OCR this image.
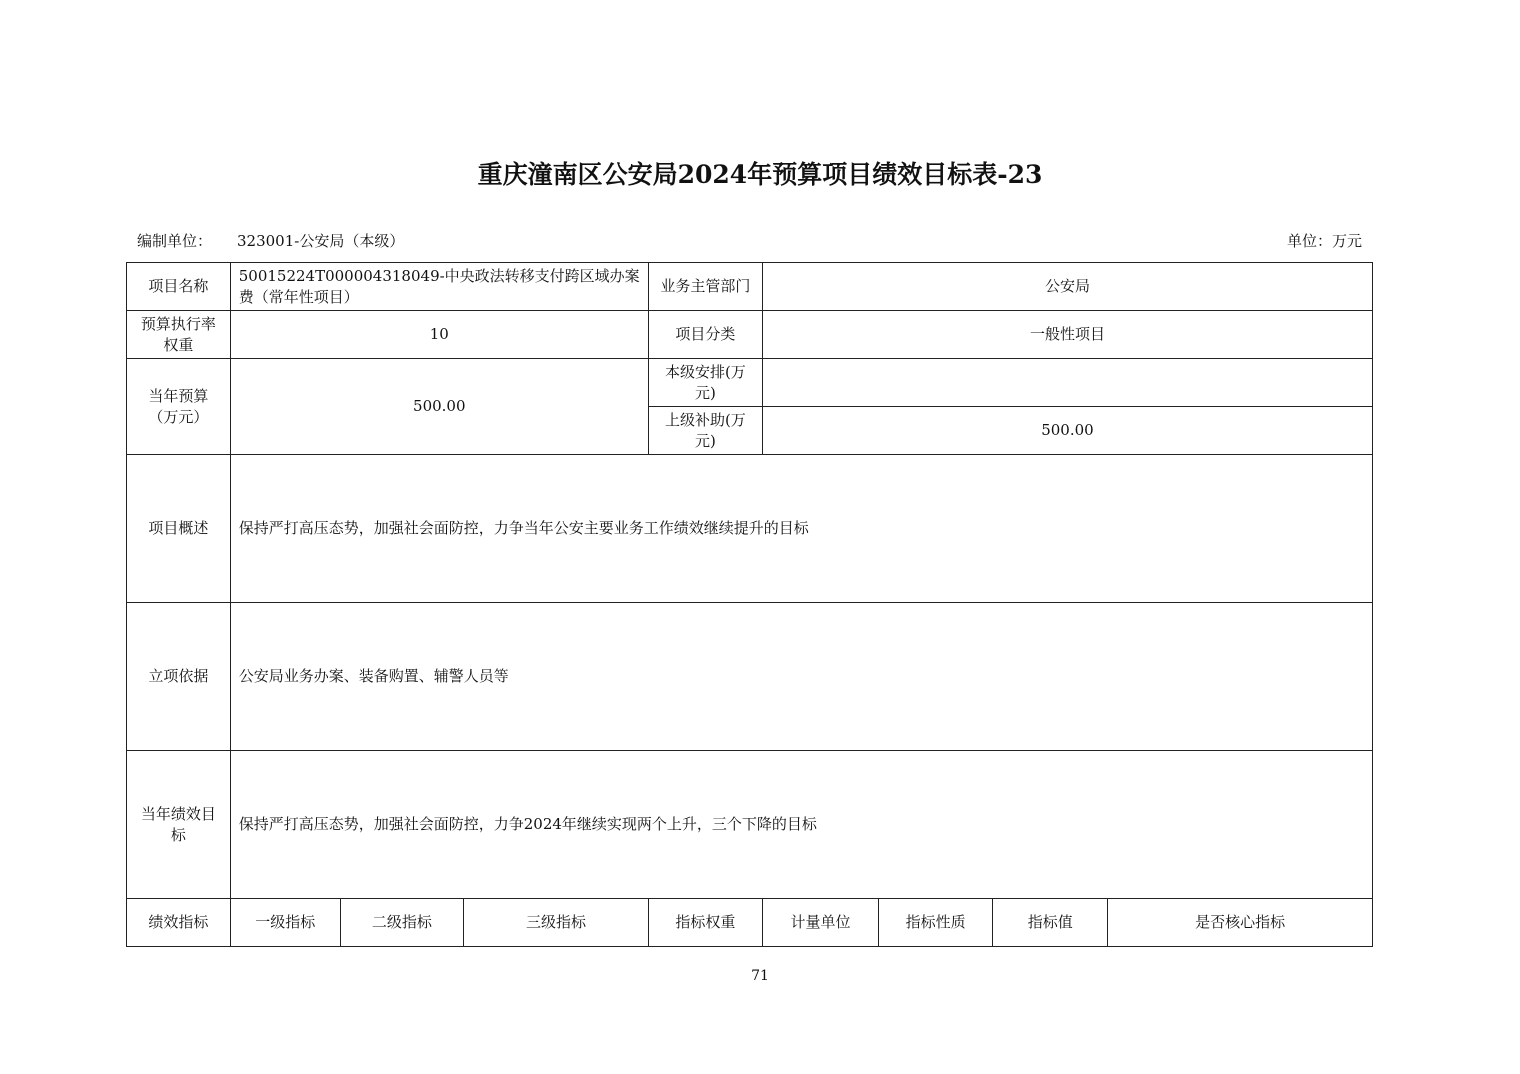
重庆潼南区公安局2024年预算项目绩效目标表-23
编制单位： 323001-公安局（本级）	单位：万元
项目名称	50015224T000004318049-中央政法转移支付跨区域办案费（常年性项目）			业务主管部门	公安局			
预算执行率权重	10			项目分类	一般性项目			
当年预算（万元）	500.00			本级安排(万元)				
				上级补助(万元)	500.00			
项目概述	保持严打高压态势，加强社会面防控，力争当年公安主要业务工作绩效继续提升的目标							
立项依据	公安局业务办案、装备购置、辅警人员等							
当年绩效目标	保持严打高压态势，加强社会面防控，力争2024年继续实现两个上升，三个下降的目标							
绩效指标	一级指标	二级指标	三级指标	指标权重	计量单位	指标性质	指标值	是否核心指标
71
